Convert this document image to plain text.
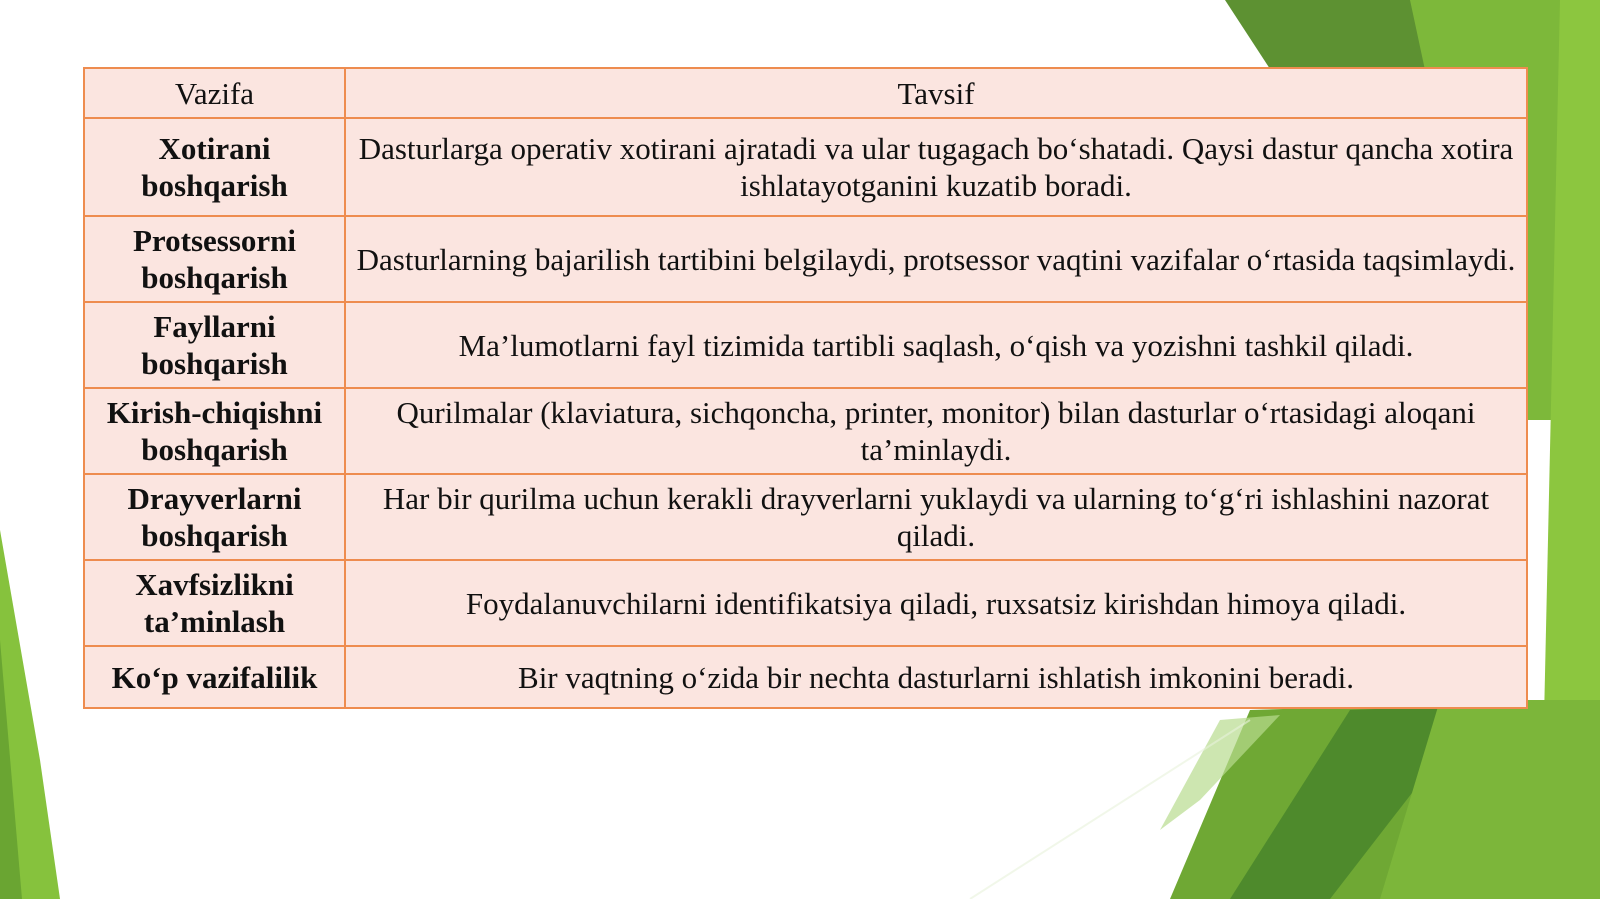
Vazifa	Tavsif
Xotirani boshqarish	Dasturlarga operativ xotirani ajratadi va ular tugagach bo‘shatadi. Qaysi dastur qancha xotira ishlatayotganini kuzatib boradi.
Protsessorni boshqarish	Dasturlarning bajarilish tartibini belgilaydi, protsessor vaqtini vazifalar o‘rtasida taqsimlaydi.
Fayllarni boshqarish	Ma’lumotlarni fayl tizimida tartibli saqlash, o‘qish va yozishni tashkil qiladi.
Kirish-chiqishni boshqarish	Qurilmalar (klaviatura, sichqoncha, printer, monitor) bilan dasturlar o‘rtasidagi aloqani ta’minlaydi.
Drayverlarni boshqarish	Har bir qurilma uchun kerakli drayverlarni yuklaydi va ularning to‘g‘ri ishlashini nazorat qiladi.
Xavfsizlikni ta’minlash	Foydalanuvchilarni identifikatsiya qiladi, ruxsatsiz kirishdan himoya qiladi.
Ko‘p vazifalilik	Bir vaqtning o‘zida bir nechta dasturlarni ishlatish imkonini beradi.
